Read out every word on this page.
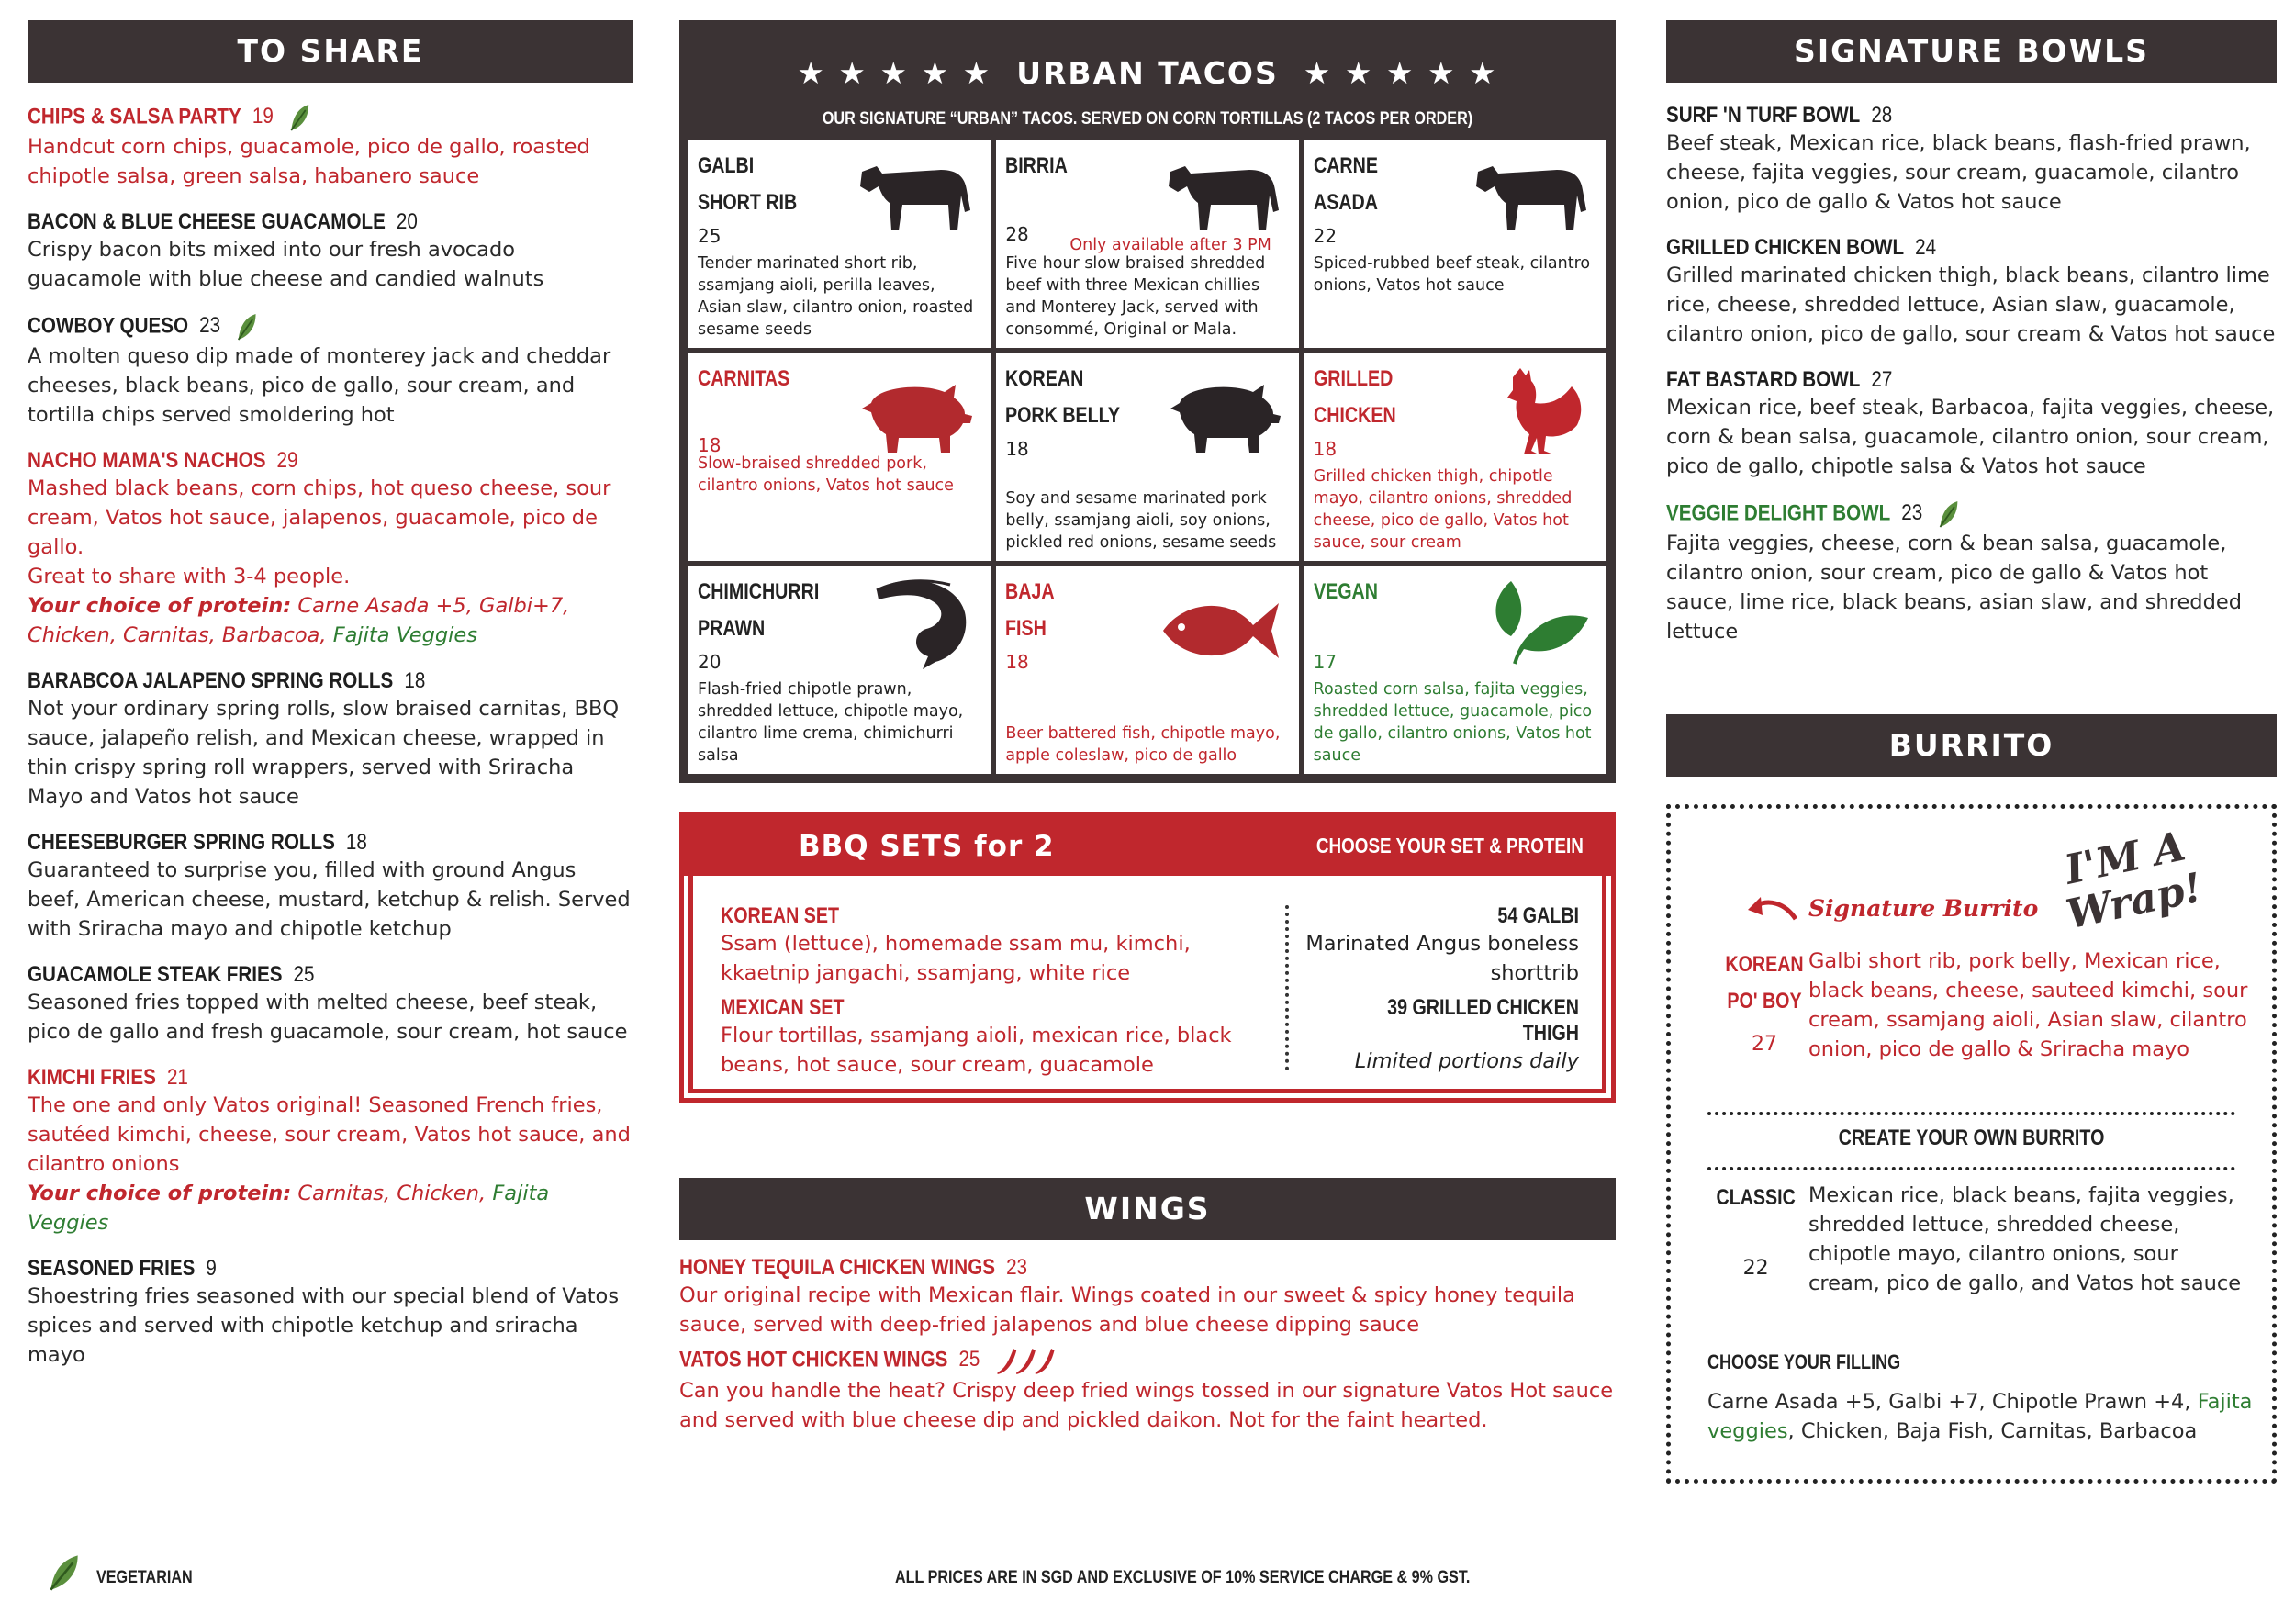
TO SHARE
CHIPS & SALSA PARTY 19
Handcut corn chips, guacamole, pico de gallo, roasted chipotle salsa, green salsa, habanero sauce
BACON & BLUE CHEESE GUACAMOLE 20
Crispy bacon bits mixed into our fresh avocado guacamole with blue cheese and candied walnuts
COWBOY QUESO 23
A molten queso dip made of monterey jack and cheddar cheeses, black beans, pico de gallo, sour cream, and tortilla chips served smoldering hot
NACHO MAMA'S NACHOS 29
Mashed black beans, corn chips, hot queso cheese, sour cream, Vatos hot sauce, jalapenos, guacamole, pico de gallo.
Great to share with 3-4 people.
Your choice of protein: Carne Asada +5, Galbi+7, Chicken, Carnitas, Barbacoa, Fajita Veggies
BARABCOA JALAPENO SPRING ROLLS 18
Not your ordinary spring rolls, slow braised carnitas, BBQ sauce, jalapeño relish, and Mexican cheese, wrapped in thin crispy spring roll wrappers, served with Sriracha Mayo and Vatos hot sauce
CHEESEBURGER SPRING ROLLS 18
Guaranteed to surprise you, filled with ground Angus beef, American cheese, mustard, ketchup & relish. Served with Sriracha mayo and chipotle ketchup
GUACAMOLE STEAK FRIES 25
Seasoned fries topped with melted cheese, beef steak, pico de gallo and fresh guacamole, sour cream, hot sauce
KIMCHI FRIES 21
The one and only Vatos original! Seasoned French fries, sautéed kimchi, cheese, sour cream, Vatos hot sauce, and cilantro onions
Your choice of protein: Carnitas, Chicken, Fajita Veggies
SEASONED FRIES 9
Shoestring fries seasoned with our special blend of Vatos spices and served with chipotle ketchup and sriracha mayo
★ ★ ★ ★ ★ URBAN TACOS ★ ★ ★ ★ ★
OUR SIGNATURE “URBAN” TACOS. SERVED ON CORN TORTILLAS (2 TACOS PER ORDER)
GALBI
SHORT RIB
25
Tender marinated short rib, ssamjang aioli, perilla leaves, Asian slaw, cilantro onion, roasted sesame seeds
BIRRIA
28	Only available after 3 PM
Five hour slow braised shredded beef with three Mexican chillies and Monterey Jack, served with consommé, Original or Mala.
CARNE
ASADA
22
Spiced-rubbed beef steak, cilantro onions, Vatos hot sauce
CARNITAS
18
Slow-braised shredded pork, cilantro onions, Vatos hot sauce
KOREAN
PORK BELLY
18
Soy and sesame marinated pork belly, ssamjang aioli, soy onions, pickled red onions, sesame seeds
GRILLED
CHICKEN
18
Grilled chicken thigh, chipotle mayo, cilantro onions, shredded cheese, pico de gallo, Vatos hot sauce, sour cream
CHIMICHURRI
PRAWN
20
Flash-fried chipotle prawn, shredded lettuce, chipotle mayo, cilantro lime crema, chimichurri salsa
BAJA
FISH
18
Beer battered fish, chipotle mayo, apple coleslaw, pico de gallo
VEGAN
17
Roasted corn salsa, fajita veggies, shredded lettuce, guacamole, pico de gallo, cilantro onions, Vatos hot sauce
BBQ SETS for 2	CHOOSE YOUR SET & PROTEIN
KOREAN SET
Ssam (lettuce), homemade ssam mu, kimchi, kkaetnip jangachi, ssamjang, white rice
MEXICAN SET
Flour tortillas, ssamjang aioli, mexican rice, black beans, hot sauce, sour cream, guacamole
54 GALBI
Marinated Angus boneless shorttrib
39 GRILLED CHICKEN THIGH
Limited portions daily
WINGS
HONEY TEQUILA CHICKEN WINGS 23
Our original recipe with Mexican flair. Wings coated in our sweet & spicy honey tequila sauce, served with deep-fried jalapenos and blue cheese dipping sauce
VATOS HOT CHICKEN WINGS 25
Can you handle the heat? Crispy deep fried wings tossed in our signature Vatos Hot sauce and served with blue cheese dip and pickled daikon. Not for the faint hearted.
SIGNATURE BOWLS
SURF 'N TURF BOWL 28
Beef steak, Mexican rice, black beans, flash-fried prawn, cheese, fajita veggies, sour cream, guacamole, cilantro onion, pico de gallo & Vatos hot sauce
GRILLED CHICKEN BOWL 24
Grilled marinated chicken thigh, black beans, cilantro lime rice, cheese, shredded lettuce, Asian slaw, guacamole, cilantro onion, pico de gallo, sour cream & Vatos hot sauce
FAT BASTARD BOWL 27
Mexican rice, beef steak, Barbacoa, fajita veggies, cheese, corn & bean salsa, guacamole, cilantro onion, sour cream, pico de gallo, chipotle salsa & Vatos hot sauce
VEGGIE DELIGHT BOWL 23
Fajita veggies, cheese, corn & bean salsa, guacamole, cilantro onion, sour cream, pico de gallo & Vatos hot sauce, lime rice, black beans, asian slaw, and shredded lettuce
BURRITO
Signature Burrito
I'M A Wrap!
KOREAN
PO' BOY
27
Galbi short rib, pork belly, Mexican rice, black beans, cheese, sauteed kimchi, sour cream, ssamjang aioli, Asian slaw, cilantro onion, pico de gallo & Sriracha mayo
CREATE YOUR OWN BURRITO
CLASSIC
22
Mexican rice, black beans, fajita veggies, shredded lettuce, shredded cheese, chipotle mayo, cilantro onions, sour cream, pico de gallo, and Vatos hot sauce
CHOOSE YOUR FILLING
Carne Asada +5, Galbi +7, Chipotle Prawn +4, Fajita veggies, Chicken, Baja Fish, Carnitas, Barbacoa
VEGETARIAN	ALL PRICES ARE IN SGD AND EXCLUSIVE OF 10% SERVICE CHARGE & 9% GST.
